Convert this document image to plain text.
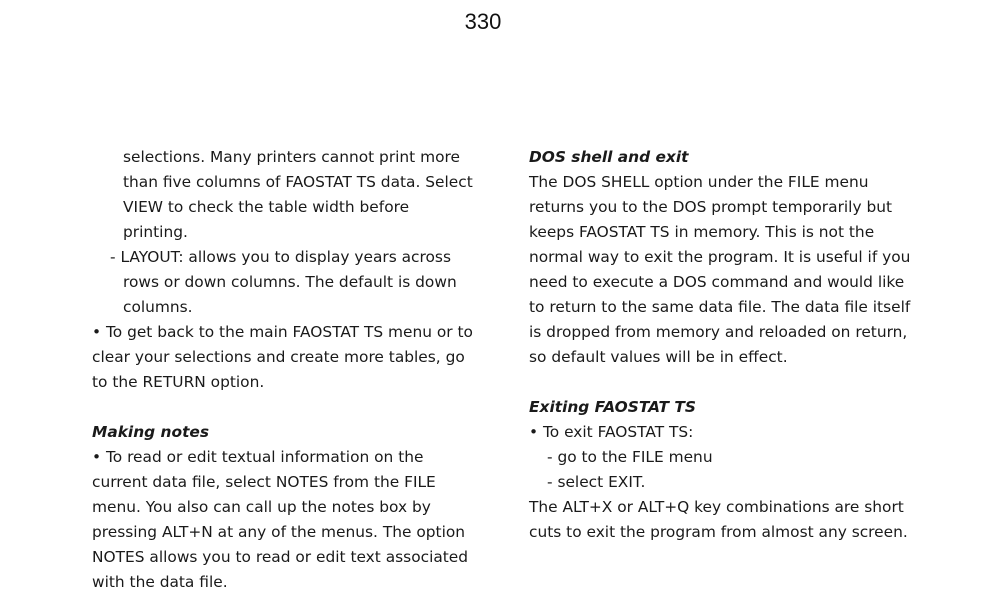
330
selections. Many printers cannot print more
than five columns of FAOSTAT TS data. Select
VIEW to check the table width before
printing.
- LAYOUT: allows you to display years across
rows or down columns. The default is down
columns.
• To get back to the main FAOSTAT TS menu or to
clear your selections and create more tables, go
to the RETURN option.
Making notes
• To read or edit textual information on the
current data file, select NOTES from the FILE
menu. You also can call up the notes box by
pressing ALT+N at any of the menus. The option
NOTES allows you to read or edit text associated
with the data file.
DOS shell and exit
The DOS SHELL option under the FILE menu
returns you to the DOS prompt temporarily but
keeps FAOSTAT TS in memory. This is not the
normal way to exit the program. It is useful if you
need to execute a DOS command and would like
to return to the same data file. The data file itself
is dropped from memory and reloaded on return,
so default values will be in effect.
Exiting FAOSTAT TS
• To exit FAOSTAT TS:
- go to the FILE menu
- select EXIT.
The ALT+X or ALT+Q key combinations are short
cuts to exit the program from almost any screen.
